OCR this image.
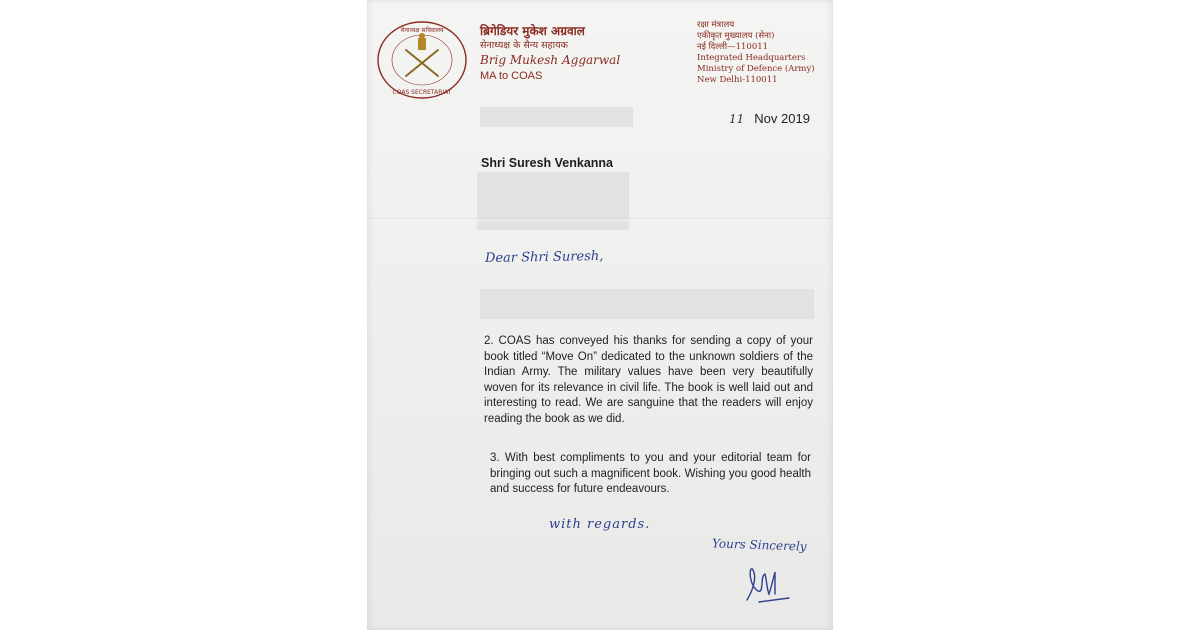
सेनाध्यक्ष सचिवालय
COAS SECRETARIAT
ब्रिगेडियर मुकेश अग्रवाल
सेनाध्यक्ष के सैन्य सहायक
Brig Mukesh Aggarwal
MA to COAS
रक्षा मंत्रालय
एकीकृत मुख्यालय (सेना)
नई दिल्ली—110011
Integrated Headquarters
Ministry of Defence (Army)
New Delhi-110011
11 Nov 2019
Shri Suresh Venkanna
Dear Shri Suresh,
2. COAS has conveyed his thanks for sending a copy of your book titled “Move On” dedicated to the unknown soldiers of the Indian Army. The military values have been very beautifully woven for its relevance in civil life. The book is well laid out and interesting to read. We are sanguine that the readers will enjoy reading the book as we did.
3. With best compliments to you and your editorial team for bringing out such a magnificent book. Wishing you good health and success for future endeavours.
with regards.
Yours Sincerely
